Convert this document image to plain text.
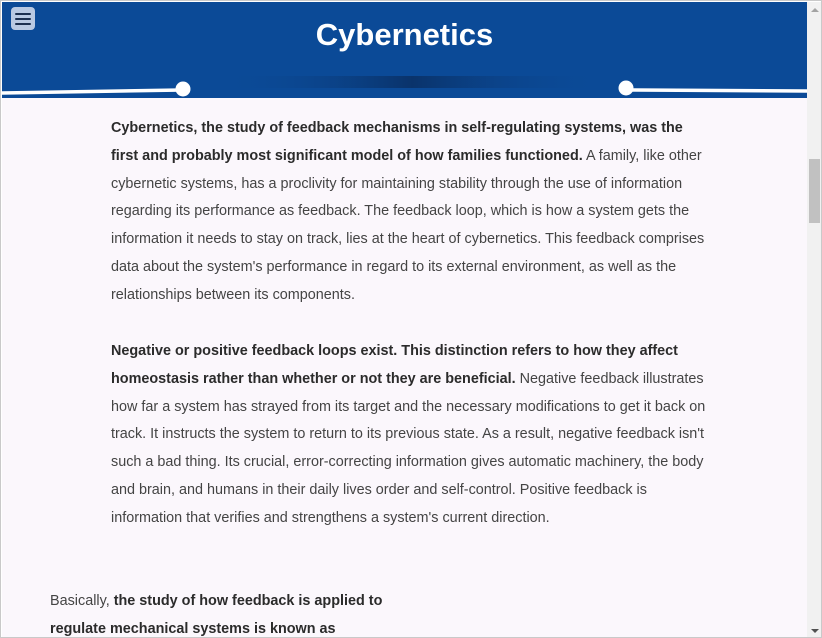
Cybernetics

Cybernetics, the study of feedback mechanisms in self-regulating systems, was the first and probably most significant model of how families functioned. A family, like other cybernetic systems, has a proclivity for maintaining stability through the use of information regarding its performance as feedback. The feedback loop, which is how a system gets the information it needs to stay on track, lies at the heart of cybernetics. This feedback comprises data about the system's performance in regard to its external environment, as well as the relationships between its components.

Negative or positive feedback loops exist. This distinction refers to how they affect homeostasis rather than whether or not they are beneficial. Negative feedback illustrates how far a system has strayed from its target and the necessary modifications to get it back on track. It instructs the system to return to its previous state. As a result, negative feedback isn't such a bad thing. Its crucial, error-correcting information gives automatic machinery, the body and brain, and humans in their daily lives order and self-control. Positive feedback is information that verifies and strengthens a system's current direction.

Basically, the study of how feedback is applied to regulate mechanical systems is known as
